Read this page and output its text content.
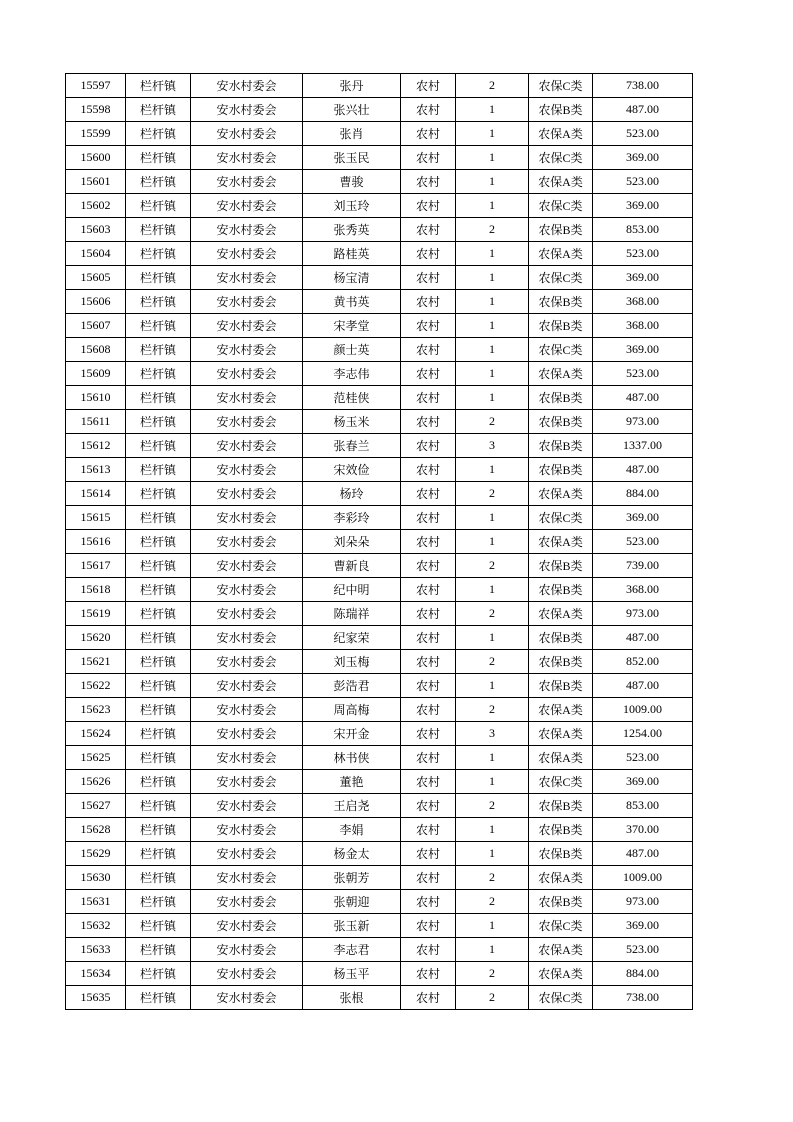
15597	栏杆镇	安水村委会	张丹	农村	2	农保C类	738.00
15598	栏杆镇	安水村委会	张兴壮	农村	1	农保B类	487.00
15599	栏杆镇	安水村委会	张肖	农村	1	农保A类	523.00
15600	栏杆镇	安水村委会	张玉民	农村	1	农保C类	369.00
15601	栏杆镇	安水村委会	曹骏	农村	1	农保A类	523.00
15602	栏杆镇	安水村委会	刘玉玲	农村	1	农保C类	369.00
15603	栏杆镇	安水村委会	张秀英	农村	2	农保B类	853.00
15604	栏杆镇	安水村委会	路桂英	农村	1	农保A类	523.00
15605	栏杆镇	安水村委会	杨宝清	农村	1	农保C类	369.00
15606	栏杆镇	安水村委会	黄书英	农村	1	农保B类	368.00
15607	栏杆镇	安水村委会	宋孝堂	农村	1	农保B类	368.00
15608	栏杆镇	安水村委会	颜士英	农村	1	农保C类	369.00
15609	栏杆镇	安水村委会	李志伟	农村	1	农保A类	523.00
15610	栏杆镇	安水村委会	范桂侠	农村	1	农保B类	487.00
15611	栏杆镇	安水村委会	杨玉米	农村	2	农保B类	973.00
15612	栏杆镇	安水村委会	张春兰	农村	3	农保B类	1337.00
15613	栏杆镇	安水村委会	宋效俭	农村	1	农保B类	487.00
15614	栏杆镇	安水村委会	杨玲	农村	2	农保A类	884.00
15615	栏杆镇	安水村委会	李彩玲	农村	1	农保C类	369.00
15616	栏杆镇	安水村委会	刘朵朵	农村	1	农保A类	523.00
15617	栏杆镇	安水村委会	曹新良	农村	2	农保B类	739.00
15618	栏杆镇	安水村委会	纪中明	农村	1	农保B类	368.00
15619	栏杆镇	安水村委会	陈瑞祥	农村	2	农保A类	973.00
15620	栏杆镇	安水村委会	纪家荣	农村	1	农保B类	487.00
15621	栏杆镇	安水村委会	刘玉梅	农村	2	农保B类	852.00
15622	栏杆镇	安水村委会	彭浩君	农村	1	农保B类	487.00
15623	栏杆镇	安水村委会	周高梅	农村	2	农保A类	1009.00
15624	栏杆镇	安水村委会	宋开金	农村	3	农保A类	1254.00
15625	栏杆镇	安水村委会	林书侠	农村	1	农保A类	523.00
15626	栏杆镇	安水村委会	董艳	农村	1	农保C类	369.00
15627	栏杆镇	安水村委会	王启尧	农村	2	农保B类	853.00
15628	栏杆镇	安水村委会	李娟	农村	1	农保B类	370.00
15629	栏杆镇	安水村委会	杨金太	农村	1	农保B类	487.00
15630	栏杆镇	安水村委会	张朝芳	农村	2	农保A类	1009.00
15631	栏杆镇	安水村委会	张朝迎	农村	2	农保B类	973.00
15632	栏杆镇	安水村委会	张玉新	农村	1	农保C类	369.00
15633	栏杆镇	安水村委会	李志君	农村	1	农保A类	523.00
15634	栏杆镇	安水村委会	杨玉平	农村	2	农保A类	884.00
15635	栏杆镇	安水村委会	张根	农村	2	农保C类	738.00
